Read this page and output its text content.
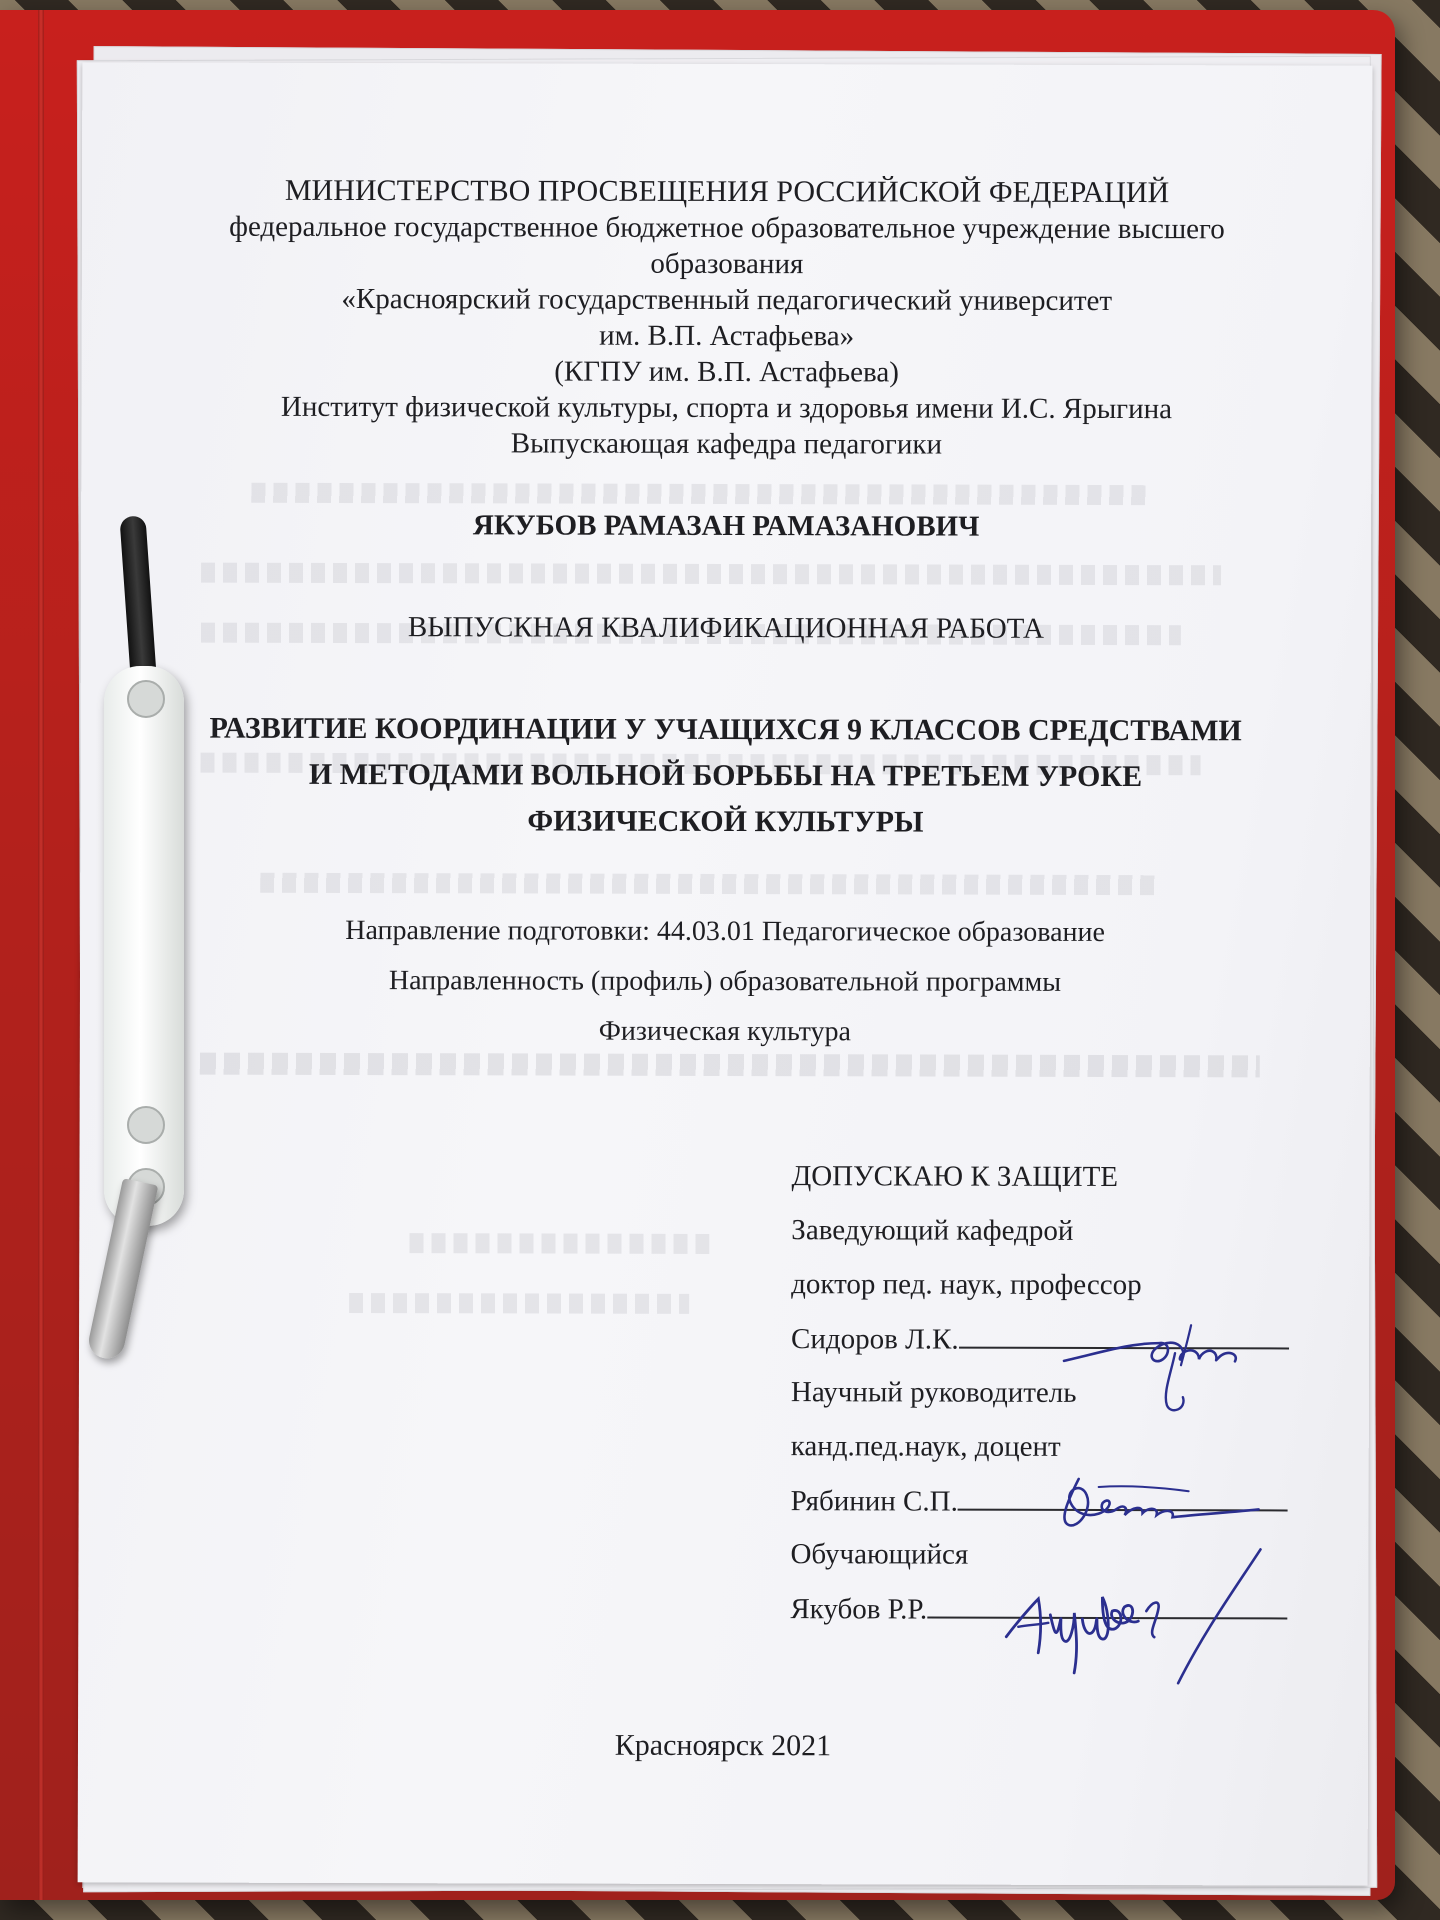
МИНИСТЕРСТВО ПРОСВЕЩЕНИЯ РОССИЙСКОЙ ФЕДЕРАЦИЙ
федеральное государственное бюджетное образовательное учреждение высшего
образования
«Красноярский государственный педагогический университет
им. В.П. Астафьева»
(КГПУ им. В.П. Астафьева)
Институт физической культуры, спорта и здоровья имени И.С. Ярыгина
Выпускающая кафедра педагогики
ЯКУБОВ РАМАЗАН РАМАЗАНОВИЧ
ВЫПУСКНАЯ КВАЛИФИКАЦИОННАЯ РАБОТА
РАЗВИТИЕ КООРДИНАЦИИ У УЧАЩИХСЯ 9 КЛАССОВ СРЕДСТВАМИ
И МЕТОДАМИ ВОЛЬНОЙ БОРЬБЫ НА ТРЕТЬЕМ УРОКЕ
ФИЗИЧЕСКОЙ КУЛЬТУРЫ
Направление подготовки: 44.03.01 Педагогическое образование
Направленность (профиль) образовательной программы
Физическая культура
ДОПУСКАЮ К ЗАЩИТЕ
Заведующий кафедрой
доктор пед. наук, профессор
Сидоров Л.К.
Научный руководитель
канд.пед.наук, доцент
Рябинин С.П.
Обучающийся
Якубов Р.Р.
Красноярск 2021
